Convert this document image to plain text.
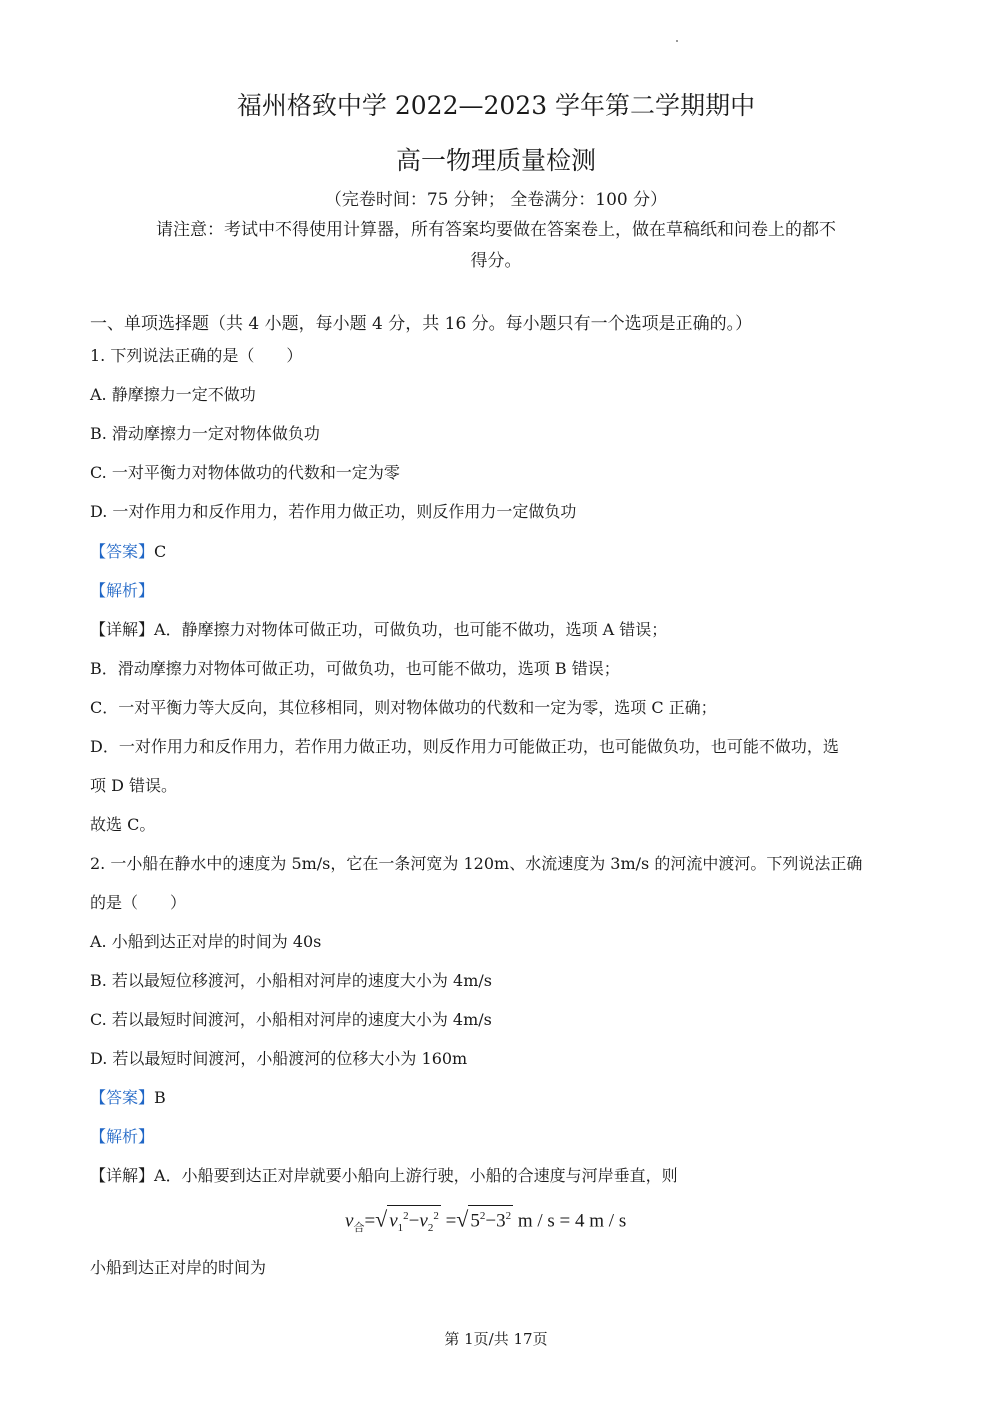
福州格致中学 2022—2023 学年第二学期期中
高一物理质量检测
（完卷时间：75 分钟； 全卷满分：100 分）
请注意：考试中不得使用计算器，所有答案均要做在答案卷上，做在草稿纸和问卷上的都不
得分。
一、单项选择题（共 4 小题，每小题 4 分，共 16 分。每小题只有一个选项是正确的。）
1. 下列说法正确的是（　　）
A. 静摩擦力一定不做功
B. 滑动摩擦力一定对物体做负功
C. 一对平衡力对物体做功的代数和一定为零
D. 一对作用力和反作用力，若作用力做正功，则反作用力一定做负功
【答案】C
【解析】
【详解】A．静摩擦力对物体可做正功，可做负功，也可能不做功，选项 A 错误；
B．滑动摩擦力对物体可做正功，可做负功，也可能不做功，选项 B 错误；
C．一对平衡力等大反向，其位移相同，则对物体做功的代数和一定为零，选项 C 正确；
D．一对作用力和反作用力，若作用力做正功，则反作用力可能做正功，也可能做负功，也可能不做功，选
项 D 错误。
故选 C。
2. 一小船在静水中的速度为 5m/s，它在一条河宽为 120m、水流速度为 3m/s 的河流中渡河。下列说法正确
的是（　　）
A. 小船到达正对岸的时间为 40s
B. 若以最短位移渡河，小船相对河岸的速度大小为 4m/s
C. 若以最短时间渡河，小船相对河岸的速度大小为 4m/s
D. 若以最短时间渡河，小船渡河的位移大小为 160m
【答案】B
【解析】
【详解】A．小船要到达正对岸就要小船向上游行驶，小船的合速度与河岸垂直，则
$v_合=√$ $v_1^2-v_2^2$ =√ $5^2-3^2$ m / s = 4 m / s
小船到达正对岸的时间为
第 1页/共 17页
